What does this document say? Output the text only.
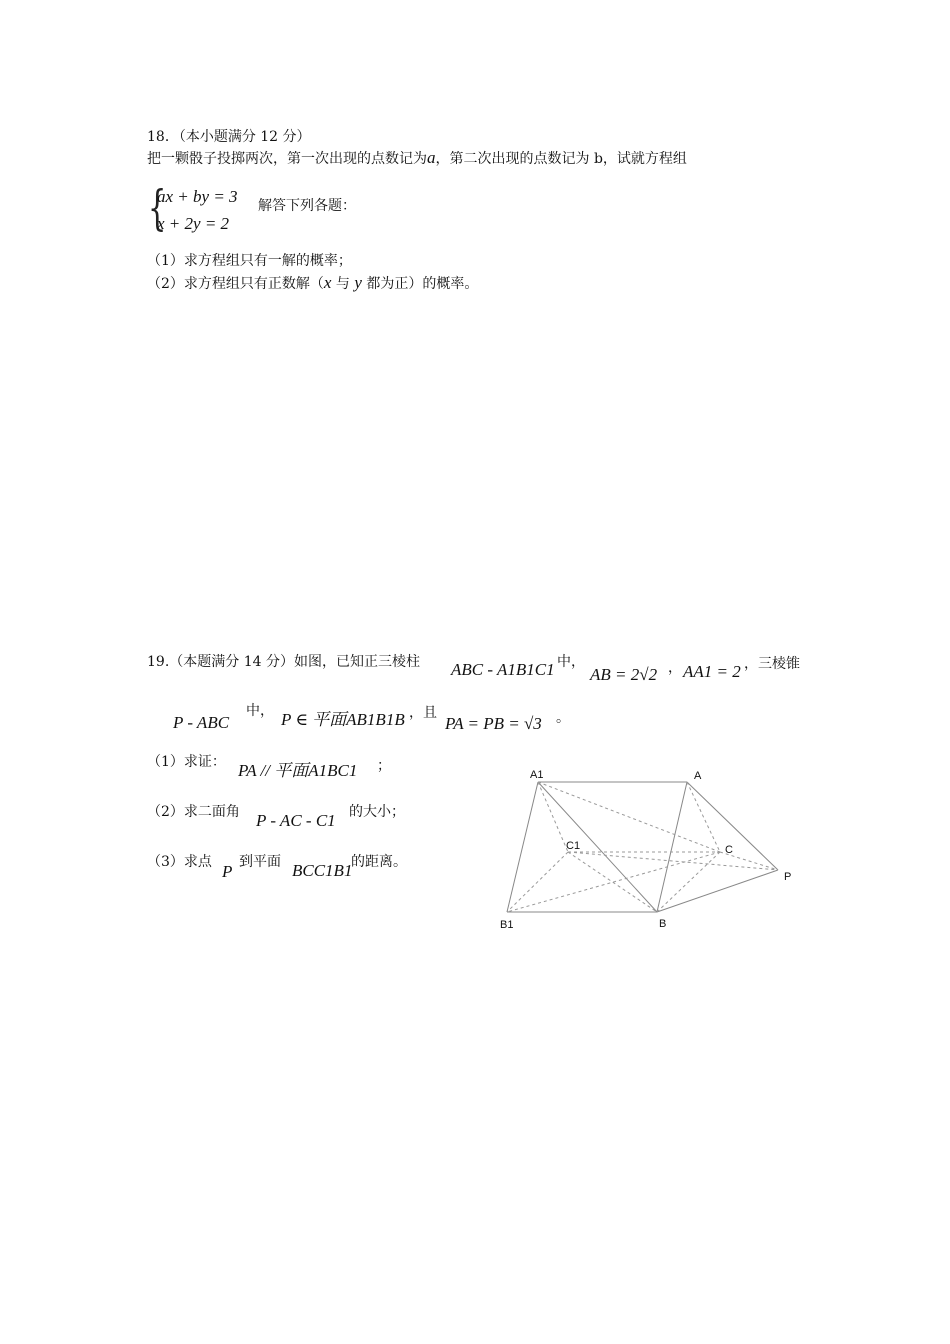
18．（本小题满分 12 分）
把一颗骰子投掷两次，第一次出现的点数记为a，第二次出现的点数记为 b，试就方程组
{
ax + by = 3
x + 2y = 2
解答下列各题：
（1）求方程组只有一解的概率；
（2）求方程组只有正数解（x 与 y 都为正）的概率。
19.（本题满分 14 分）如图，已知正三棱柱 ABC - A1B1C1 中，
AB = 2√2 ， AA1 = 2 ，三棱锥
P - ABC
中， P ∈ 平面AB1B1B ，且
PA = PB = √3 。
（1）求证： PA // 平面A1BC1 ；
（2）求二面角 P - AC - C1 的大小；
（3）求点 P 到平面 BCC1B1
的距离。
A1	A
C1	C
P
B1	B
